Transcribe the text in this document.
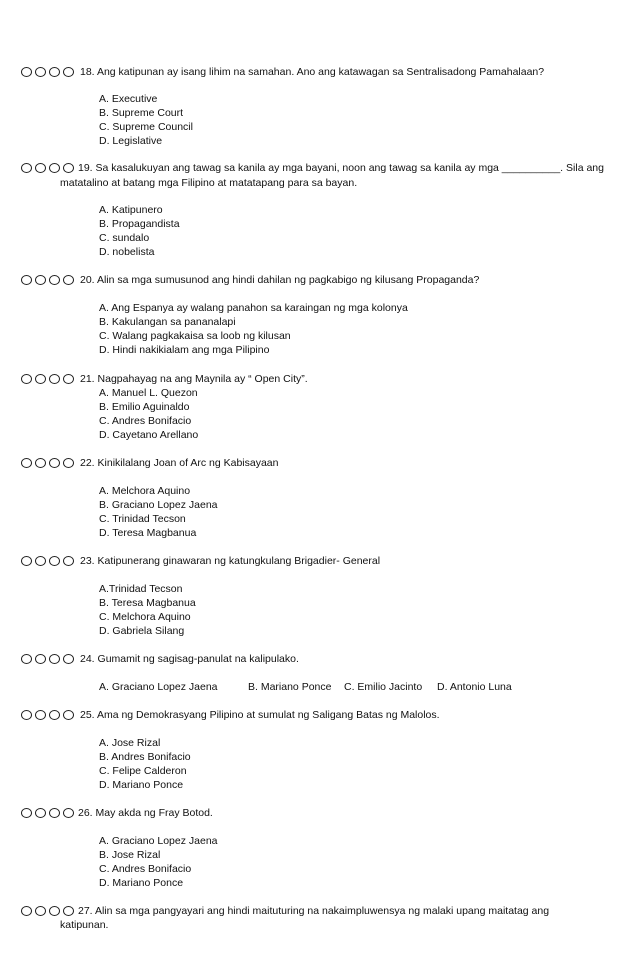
18. Ang katipunan ay isang lihim na samahan. Ano ang katawagan sa Sentralisadong Pamahalaan?
A. Executive
B. Supreme Court
C. Supreme Council
D. Legislative
19. Sa kasalukuyan ang tawag sa kanila ay mga bayani, noon ang tawag sa kanila ay mga __________. Sila ang
matatalino at batang mga Filipino at matatapang para sa bayan.
A. Katipunero
B. Propagandista
C. sundalo
D. nobelista
20. Alin sa mga sumusunod ang hindi dahilan ng pagkabigo ng kilusang Propaganda?
A. Ang Espanya ay walang panahon sa karaingan ng mga kolonya
B. Kakulangan sa pananalapi
C. Walang pagkakaisa sa loob ng kilusan
D. Hindi nakikialam ang mga Pilipino
21. Nagpahayag na ang Maynila ay “ Open City”.
A. Manuel L. Quezon
B. Emilio Aguinaldo
C. Andres Bonifacio
D. Cayetano Arellano
22. Kinikilalang Joan of Arc ng Kabisayaan
A. Melchora Aquino
B. Graciano Lopez Jaena
C. Trinidad Tecson
D. Teresa Magbanua
23. Katipunerang ginawaran ng katungkulang Brigadier- General
A.Trinidad Tecson
B. Teresa Magbanua
C. Melchora Aquino
D. Gabriela Silang
24. Gumamit ng sagisag-panulat na kalipulako.
A. Graciano Lopez Jaena	B. Mariano Ponce C. Emilio Jacinto D. Antonio Luna
25. Ama ng Demokrasyang Pilipino at sumulat ng Saligang Batas ng Malolos.
A. Jose Rizal
B. Andres Bonifacio
C. Felipe Calderon
D. Mariano Ponce
26. May akda ng Fray Botod.
A. Graciano Lopez Jaena
B. Jose Rizal
C. Andres Bonifacio
D. Mariano Ponce
27. Alin sa mga pangyayari ang hindi maituturing na nakaimpluwensya ng malaki upang maitatag ang
katipunan.
